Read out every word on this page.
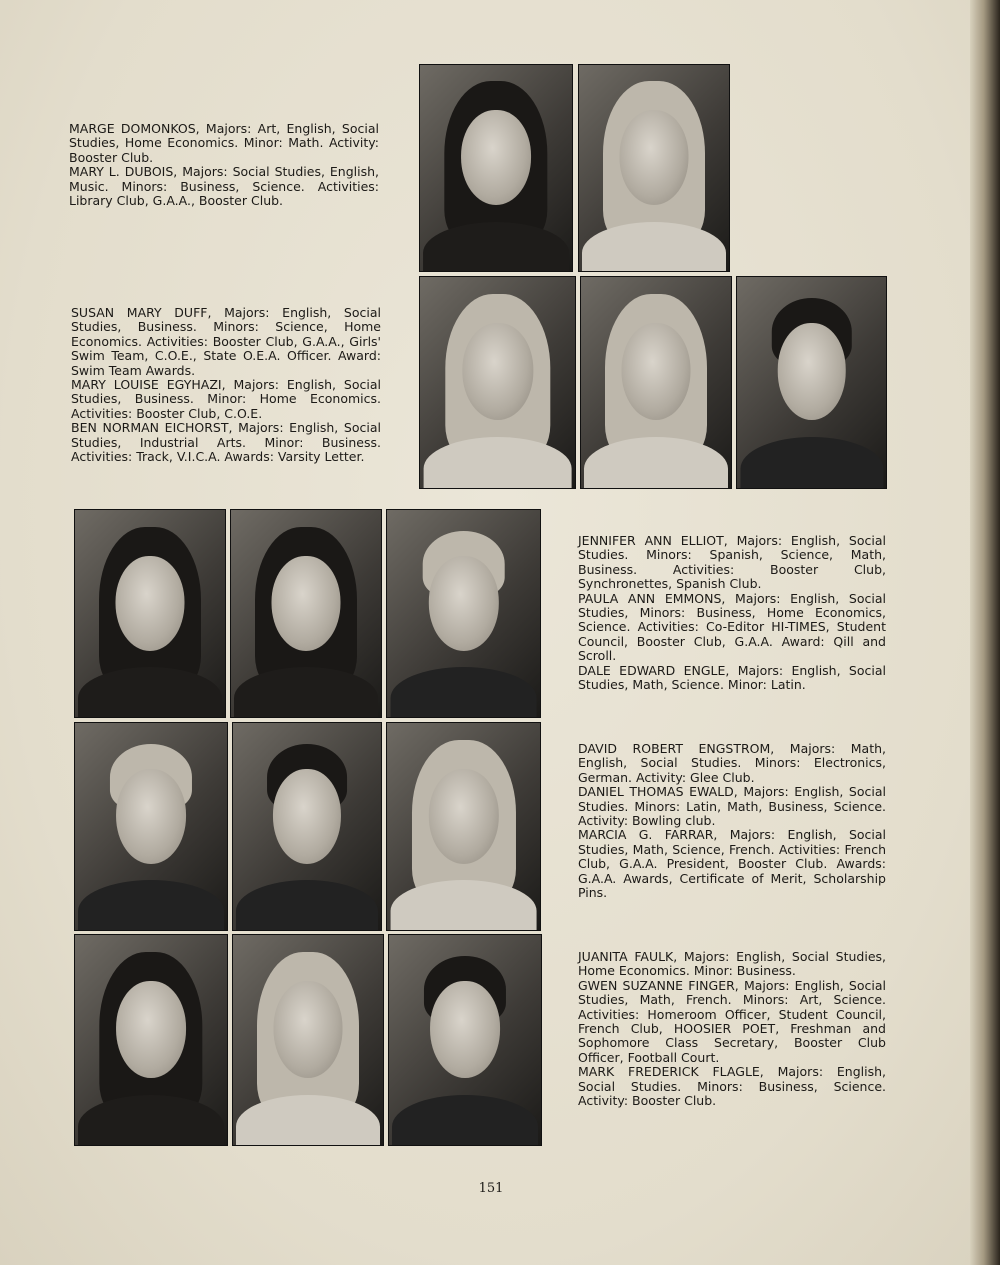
MARGE DOMONKOS, Majors: Art, English, Social Studies, Home Economics. Minor: Math. Activity: Booster Club.

MARY L. DUBOIS, Majors: Social Studies, English, Music. Minors: Business, Science. Activities: Library Club, G.A.A., Booster Club.

SUSAN MARY DUFF, Majors: English, Social Studies, Business. Minors: Science, Home Economics. Activities: Booster Club, G.A.A., Girls' Swim Team, C.O.E., State O.E.A. Officer. Award: Swim Team Awards.

MARY LOUISE EGYHAZI, Majors: English, Social Studies, Business. Minor: Home Economics. Activities: Booster Club, C.O.E.

BEN NORMAN EICHORST, Majors: English, Social Studies, Industrial Arts. Minor: Business. Activities: Track, V.I.C.A. Awards: Varsity Letter.

JENNIFER ANN ELLIOT, Majors: English, Social Studies. Minors: Spanish, Science, Math, Business. Activities: Booster Club, Synchronettes, Spanish Club.

PAULA ANN EMMONS, Majors: English, Social Studies, Minors: Business, Home Economics, Science. Activities: Co-Editor HI-TIMES, Student Council, Booster Club, G.A.A. Award: Qill and Scroll.

DALE EDWARD ENGLE, Majors: English, Social Studies, Math, Science. Minor: Latin.

DAVID ROBERT ENGSTROM, Majors: Math, English, Social Studies. Minors: Electronics, German. Activity: Glee Club.

DANIEL THOMAS EWALD, Majors: English, Social Studies. Minors: Latin, Math, Business, Science. Activity: Bowling club.

MARCIA G. FARRAR, Majors: English, Social Studies, Math, Science, French. Activities: French Club, G.A.A. President, Booster Club. Awards: G.A.A. Awards, Certificate of Merit, Scholarship Pins.

JUANITA FAULK, Majors: English, Social Studies, Home Economics. Minor: Business.

GWEN SUZANNE FINGER, Majors: English, Social Studies, Math, French. Minors: Art, Science. Activities: Homeroom Officer, Student Council, French Club, HOOSIER POET, Freshman and Sophomore Class Secretary, Booster Club Officer, Football Court.

MARK FREDERICK FLAGLE, Majors: English, Social Studies. Minors: Business, Science. Activity: Booster Club.

151
